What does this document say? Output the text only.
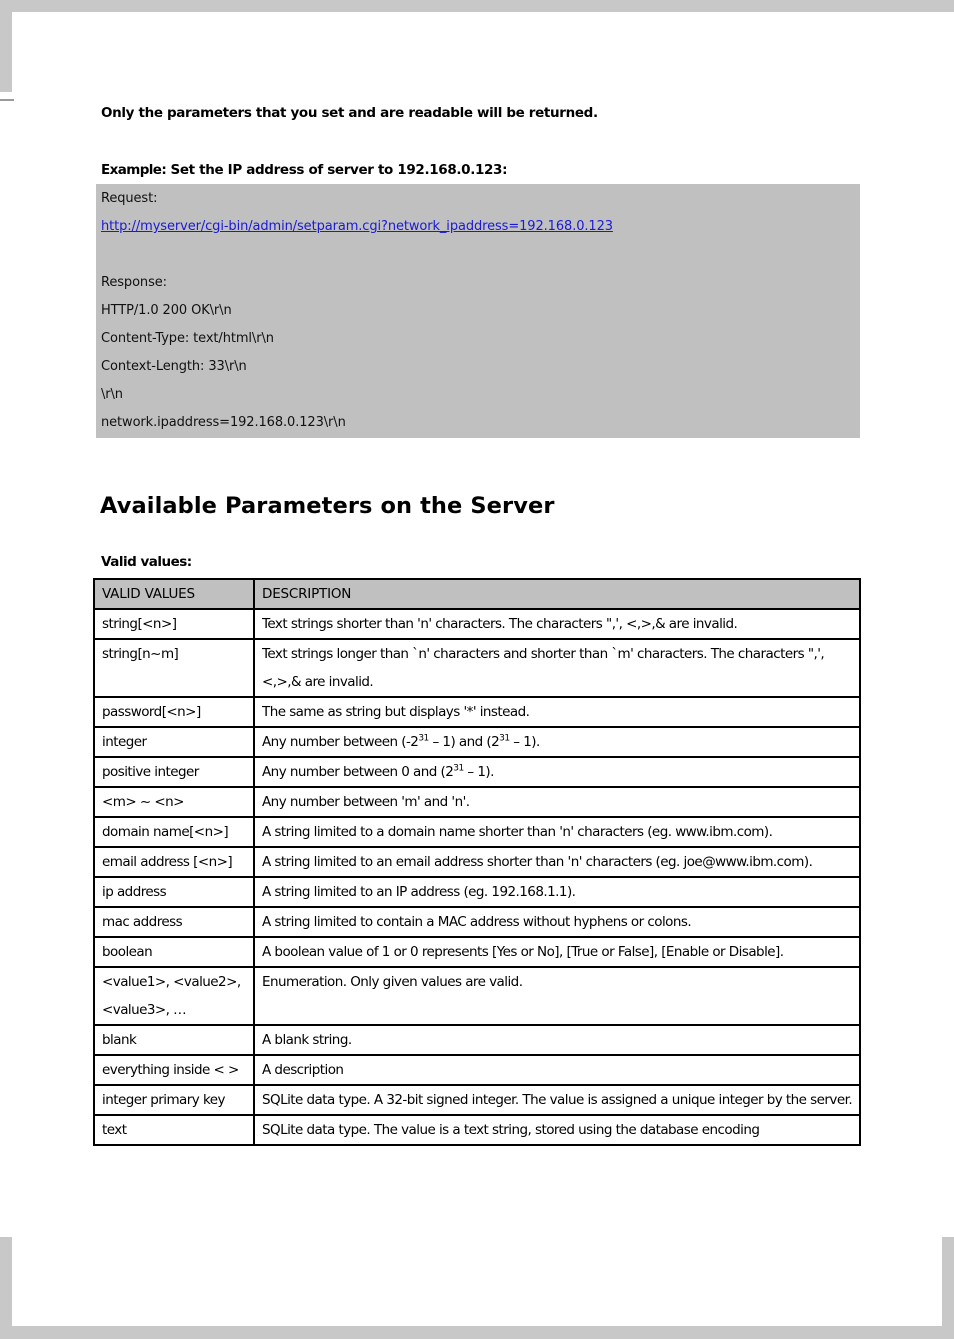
Only the parameters that you set and are readable will be returned.
Example: Set the IP address of server to 192.168.0.123:
Request:
http://myserver/cgi-bin/admin/setparam.cgi?network_ipaddress=192.168.0.123
Response:
HTTP/1.0 200 OK\r\n
Content-Type: text/html\r\n
Context-Length: 33\r\n
\r\n
network.ipaddress=192.168.0.123\r\n
Available Parameters on the Server
Valid values:
VALID VALUES	DESCRIPTION
string[<n>]	Text strings shorter than 'n' characters. The characters ",', <,>,& are invalid.
string[n~m]	Text strings longer than `n' characters and shorter than `m' characters. The characters ",', <,>,& are invalid.
password[<n>]	The same as string but displays '*' instead.
integer	Any number between $(-2^{31} - 1)$ and $(2^{31} - 1)$.
positive integer	Any number between 0 and $(2^{31} - 1)$.
<m> ~ <n>	Any number between 'm' and 'n'.
domain name[<n>]	A string limited to a domain name shorter than 'n' characters (eg. www.ibm.com).
email address [<n>]	A string limited to an email address shorter than 'n' characters (eg. joe@www.ibm.com).
ip address	A string limited to an IP address (eg. 192.168.1.1).
mac address	A string limited to contain a MAC address without hyphens or colons.
boolean	A boolean value of 1 or 0 represents [Yes or No], [True or False], [Enable or Disable].
<value1>, <value2>, <value3>, …	Enumeration. Only given values are valid.
blank	A blank string.
everything inside < >	A description
integer primary key	SQLite data type. A 32-bit signed integer. The value is assigned a unique integer by the server.
text	SQLite data type. The value is a text string, stored using the database encoding
